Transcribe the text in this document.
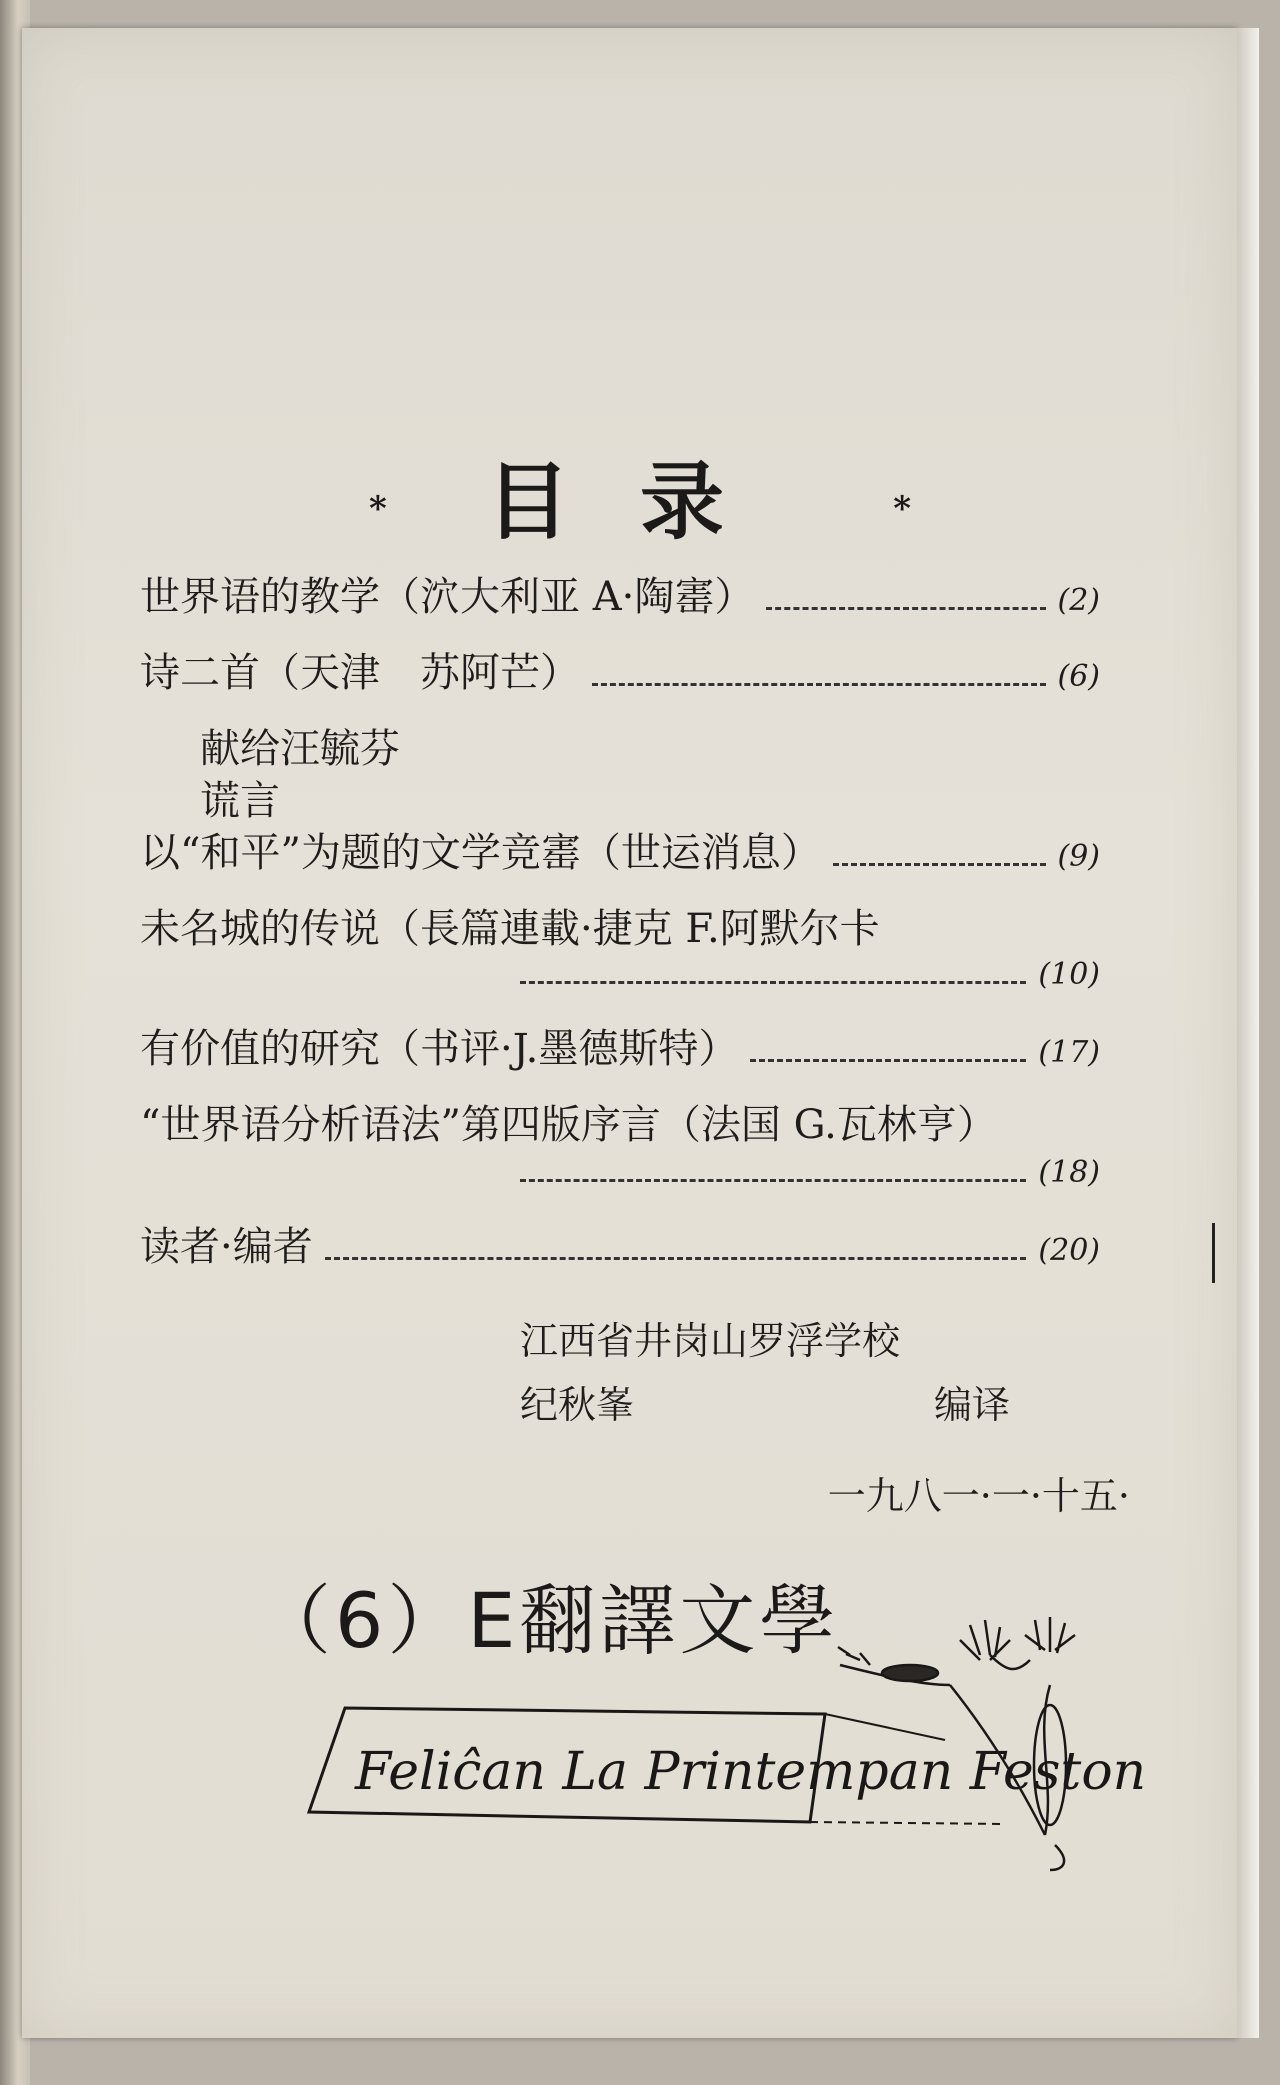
* 目录	*
世界语的教学（泬大利亚 A·陶寚）	(2)
诗二首（天津　苏阿芒）	(6)
献给汪毓芬
谎言
以“和平”为题的文学竞寚（世运消息）	(9)
未名城的传说（長篇連載·捷克 F.阿默尔卡
(10)
有价值的研究（书评·J.墨德斯特）	(17)
“世界语分析语法”第四版序言（法国 G.瓦林亨）
(18)
读者·编者	(20)
江西省井岗山罗浮学校
纪秋峯	编译
一九八一·一·十五·
（6）E翻譯文學
Feliĉan La Printempan Feston
